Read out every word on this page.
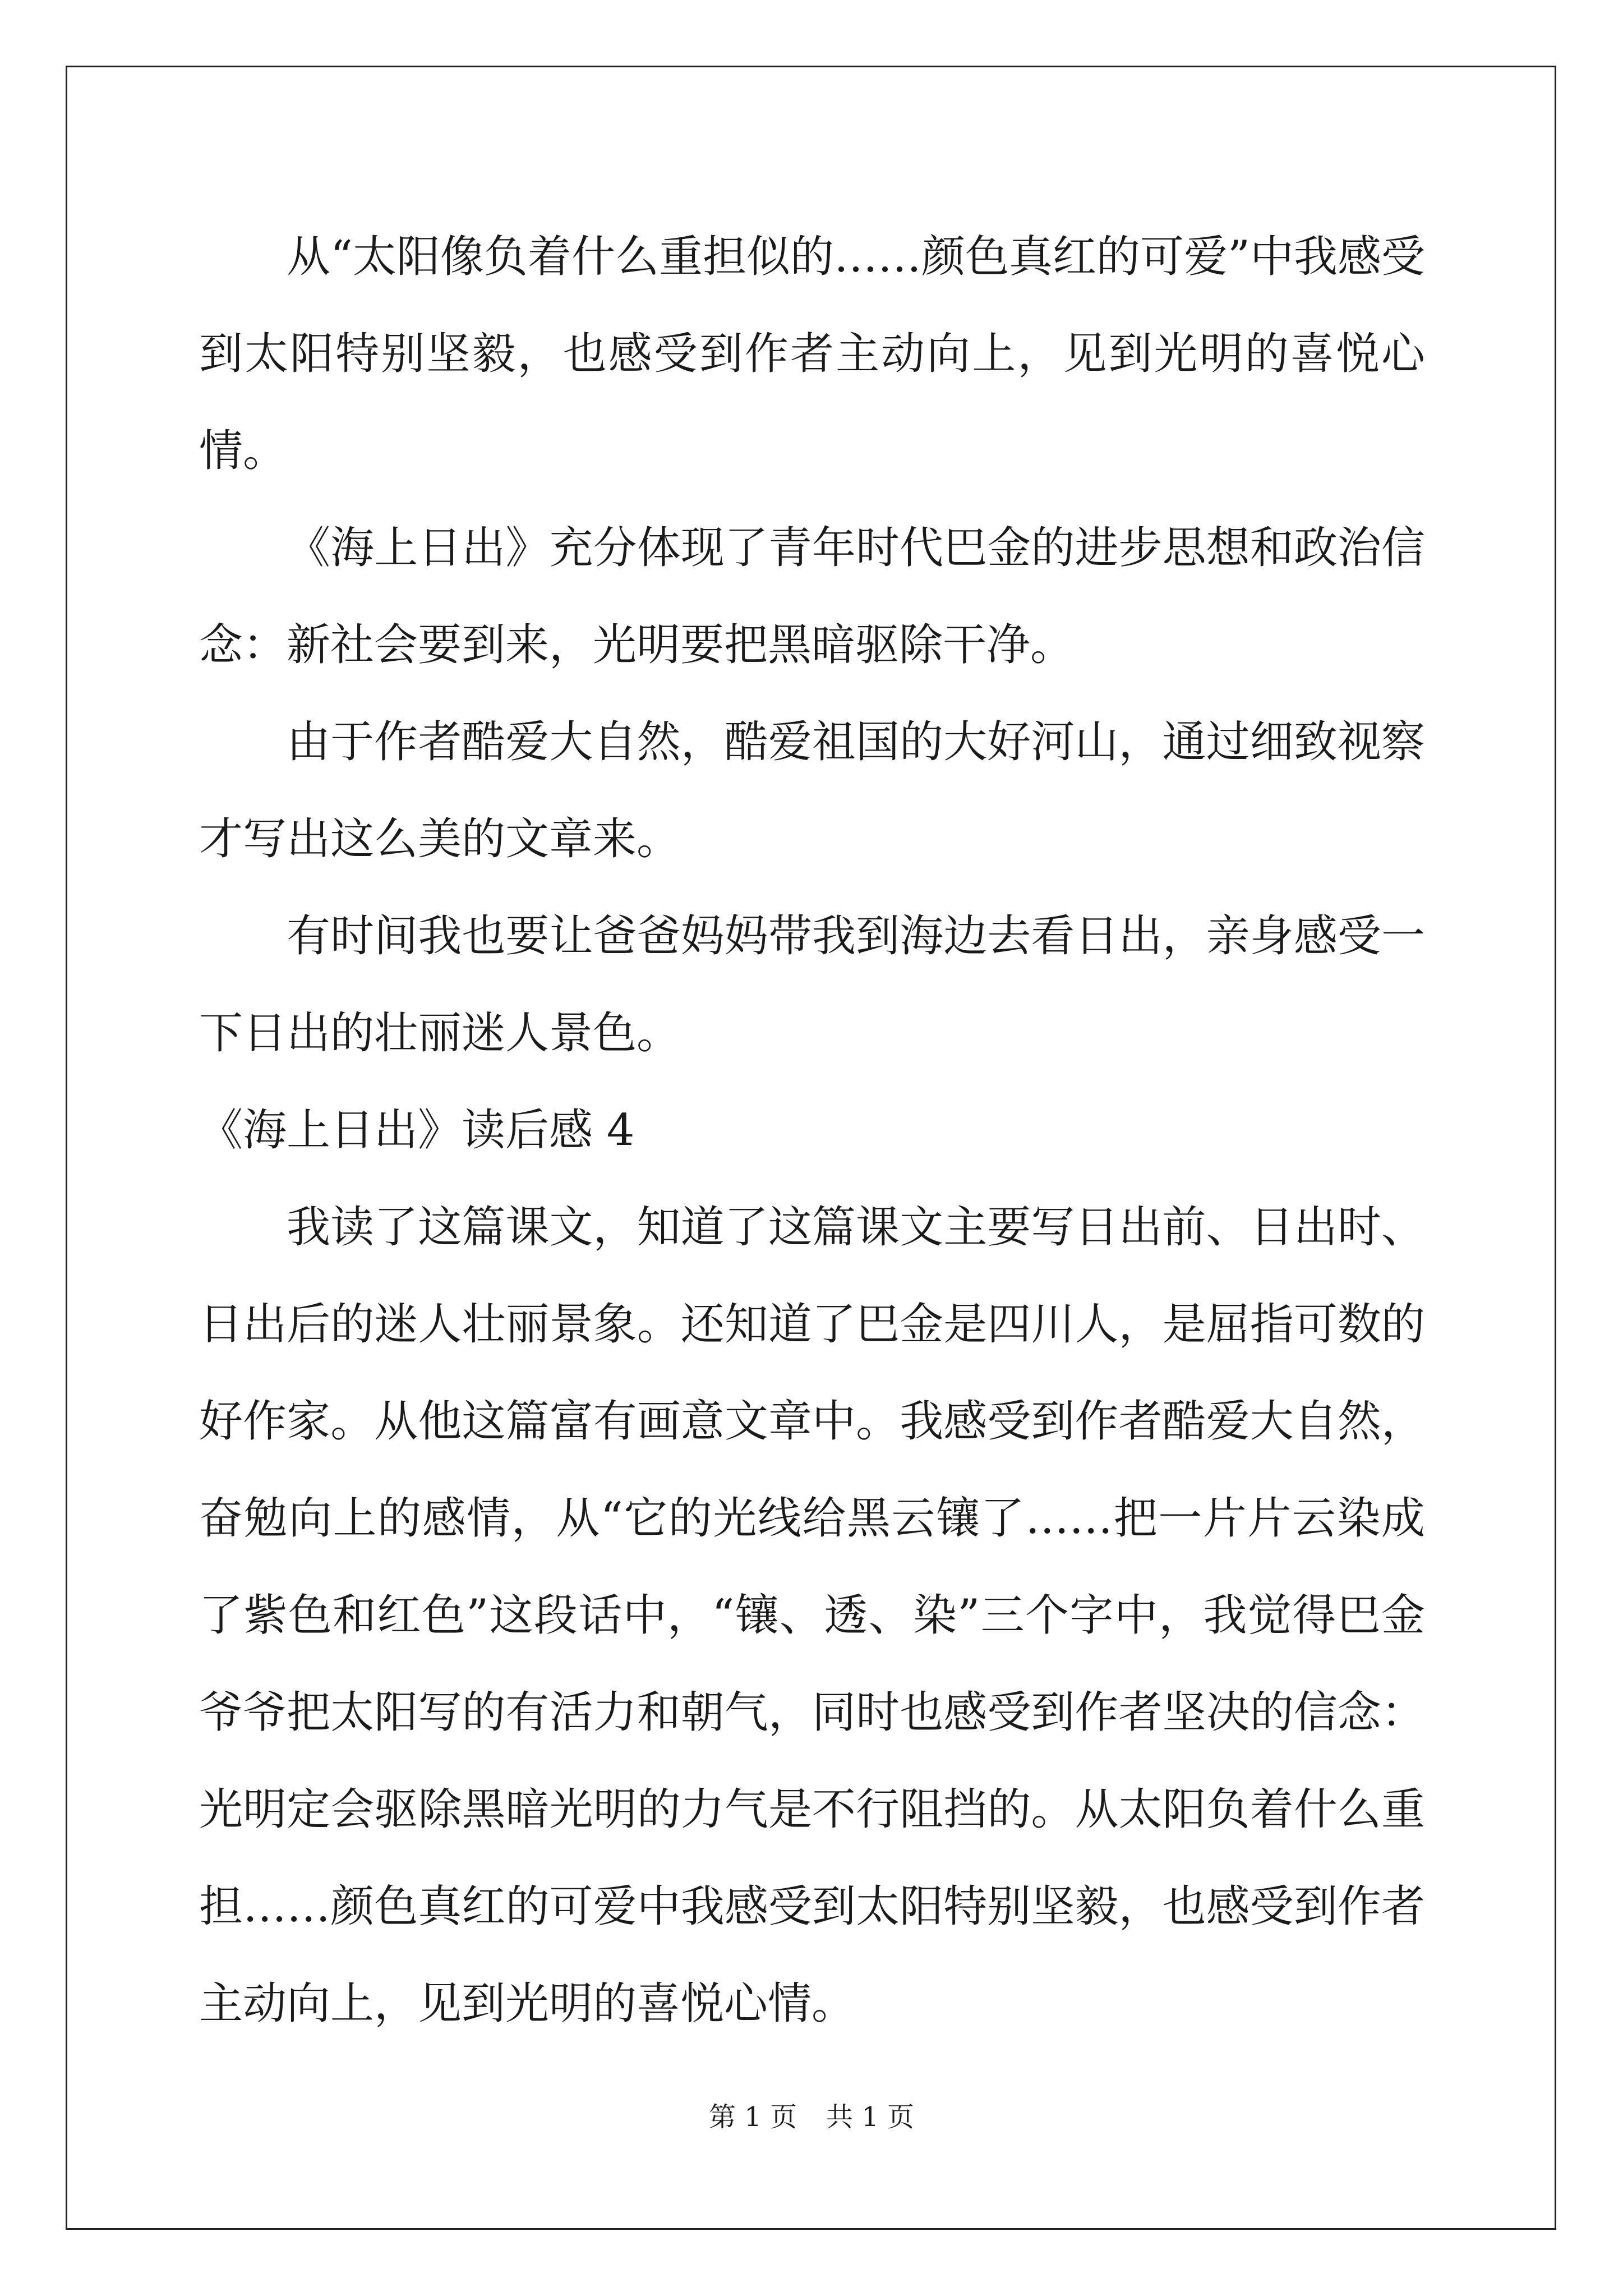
从“太阳像负着什么重担似的……颜色真红的可爱”中我感受到太阳特别坚毅，也感受到作者主动向上，见到光明的喜悦心情。

《海上日出》充分体现了青年时代巴金的进步思想和政治信念：新社会要到来，光明要把黑暗驱除干净。

由于作者酷爱大自然，酷爱祖国的大好河山，通过细致视察才写出这么美的文章来。

有时间我也要让爸爸妈妈带我到海边去看日出，亲身感受一下日出的壮丽迷人景色。

《海上日出》读后感 4

我读了这篇课文，知道了这篇课文主要写日出前、日出时、日出后的迷人壮丽景象。还知道了巴金是四川人，是屈指可数的好作家。从他这篇富有画意文章中。我感受到作者酷爱大自然，奋勉向上的感情，从“它的光线给黑云镶了……把一片片云染成了紫色和红色”这段话中，“镶、透、染”三个字中，我觉得巴金爷爷把太阳写的有活力和朝气，同时也感受到作者坚决的信念：光明定会驱除黑暗光明的力气是不行阻挡的。从太阳负着什么重担……颜色真红的可爱中我感受到太阳特别坚毅，也感受到作者主动向上，见到光明的喜悦心情。

第 1 页 共 1 页
